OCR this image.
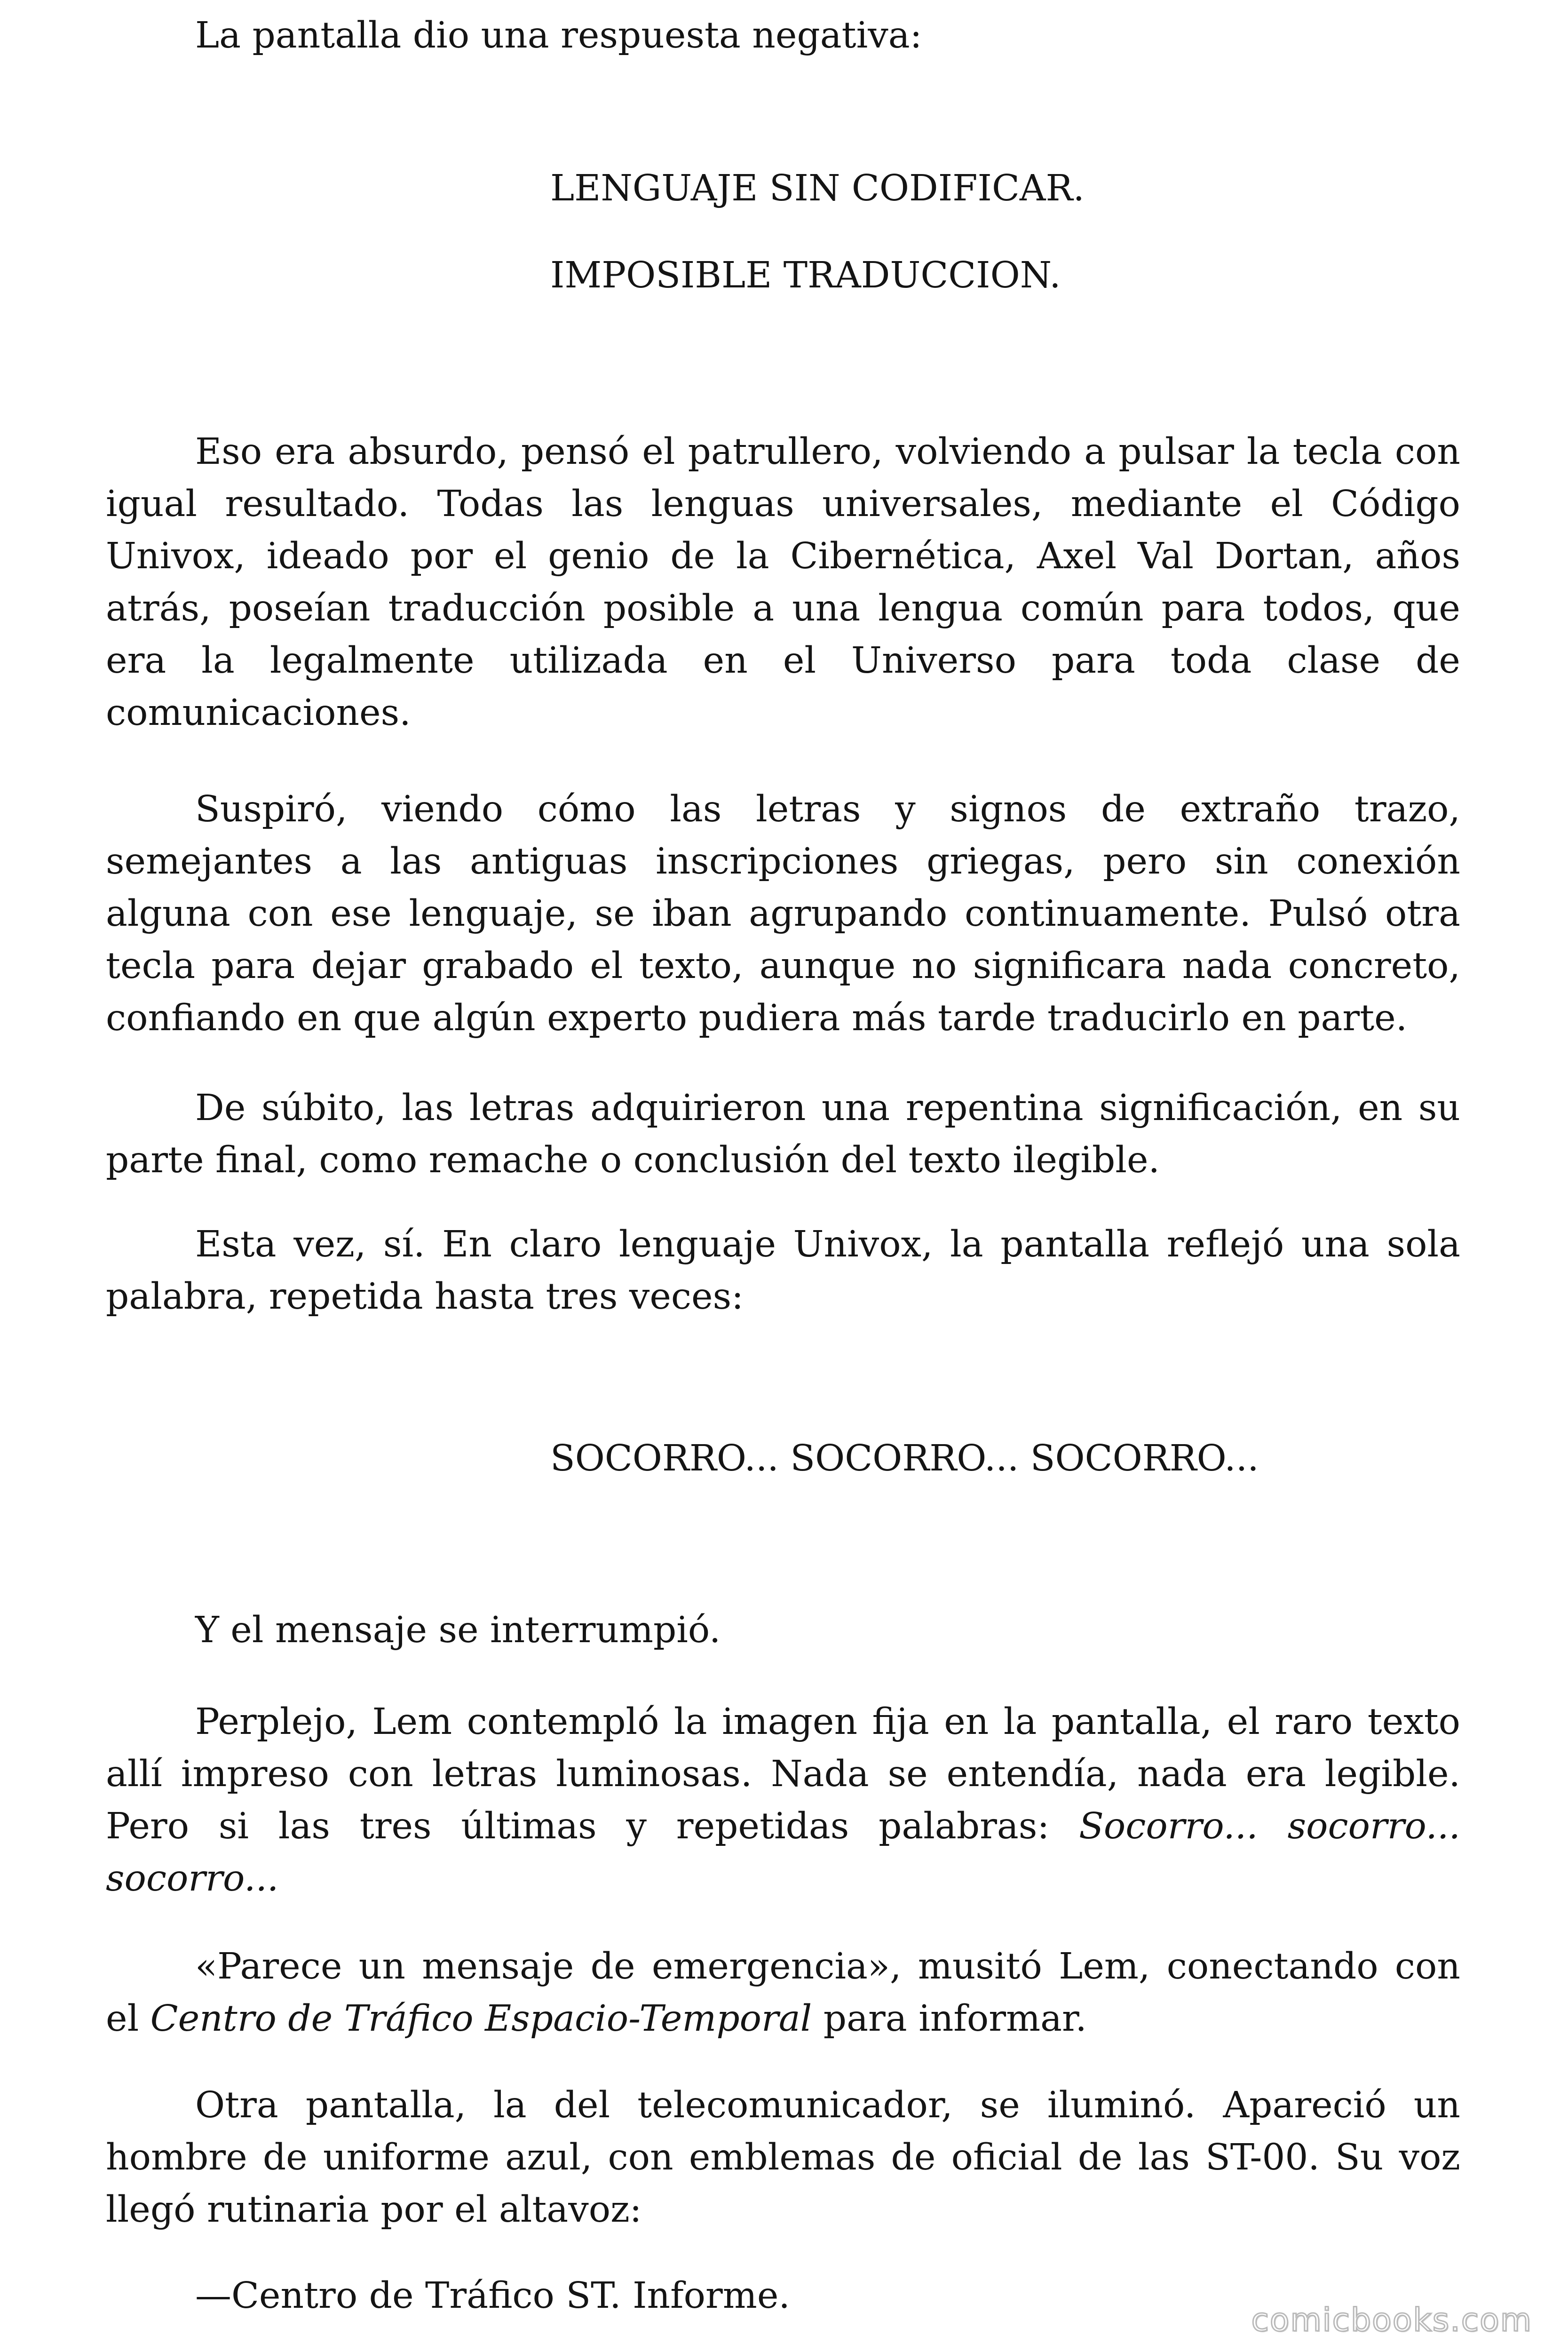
La pantalla dio una respuesta negativa:

LENGUAJE SIN CODIFICAR.

IMPOSIBLE TRADUCCION.

Eso era absurdo, pensó el patrullero, volviendo a pulsar la tecla con igual resultado. Todas las lenguas universales, mediante el Código Univox, ideado por el genio de la Cibernética, Axel Val Dortan, años atrás, poseían traducción posible a una lengua común para todos, que era la legalmente utilizada en el Universo para toda clase de comunicaciones.

Suspiró, viendo cómo las letras y signos de extraño trazo, semejantes a las antiguas inscripciones griegas, pero sin conexión alguna con ese lenguaje, se iban agrupando continuamente. Pulsó otra tecla para dejar grabado el texto, aunque no significara nada concreto, confiando en que algún experto pudiera más tarde traducirlo en parte.

De súbito, las letras adquirieron una repentina significación, en su parte final, como remache o conclusión del texto ilegible.

Esta vez, sí. En claro lenguaje Univox, la pantalla reflejó una sola palabra, repetida hasta tres veces:

SOCORRO... SOCORRO... SOCORRO...

Y el mensaje se interrumpió.

Perplejo, Lem contempló la imagen fija en la pantalla, el raro texto allí impreso con letras luminosas. Nada se entendía, nada era legible. Pero si las tres últimas y repetidas palabras: Socorro... socorro... socorro...

«Parece un mensaje de emergencia», musitó Lem, conectando con el Centro de Tráfico Espacio-Temporal para informar.

Otra pantalla, la del telecomunicador, se iluminó. Apareció un hombre de uniforme azul, con emblemas de oficial de las ST-00. Su voz llegó rutinaria por el altavoz:

—Centro de Tráfico ST. Informe.

comicbooks.com
